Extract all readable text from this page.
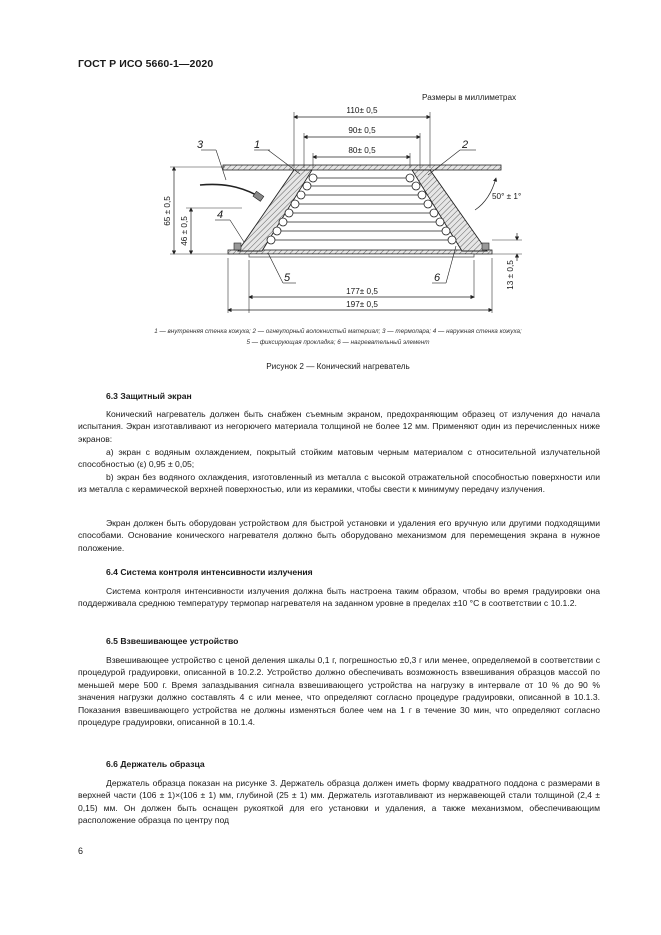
ГОСТ Р ИСО 5660-1—2020
Размеры в миллиметрах
110± 0,5
90± 0,5
80± 0,5
177± 0,5
197± 0,5
65 ± 0,5
46 ± 0,5
13 ± 0,5
50° ± 1°
1	2
3
4
5	6
1 — внутренняя стенка кожуха; 2 — огнеупорный волокнистый материал; 3 — термопара; 4 — наружная стенка кожуха;
5 — фиксирующая прокладка; 6 — нагревательный элемент
Рисунок 2 — Конический нагреватель
6.3 Защитный экран

Конический нагреватель должен быть снабжен съемным экраном, предохраняющим образец от излучения до начала испытания. Экран изготавливают из негорючего материала толщиной не более 12 мм. Применяют один из перечисленных ниже экранов:

а) экран с водяным охлаждением, покрытый стойким матовым черным материалом с относительной излучательной способностью (ε) 0,95 ± 0,05;

b) экран без водяного охлаждения, изготовленный из металла с высокой отражательной способностью поверхности или из металла с керамической верхней поверхностью, или из керамики, чтобы свести к минимуму передачу излучения.

Экран должен быть оборудован устройством для быстрой установки и удаления его вручную или другими подходящими способами. Основание конического нагревателя должно быть оборудовано механизмом для перемещения экрана в нужное положение.

6.4 Система контроля интенсивности излучения

Система контроля интенсивности излучения должна быть настроена таким образом, чтобы во время градуировки она поддерживала среднюю температуру термопар нагревателя на заданном уровне в пределах ±10 °С в соответствии с 10.1.2.

6.5 Взвешивающее устройство

Взвешивающее устройство с ценой деления шкалы 0,1 г, погрешностью ±0,3 г или менее, определяемой в соответствии с процедурой градуировки, описанной в 10.2.2. Устройство должно обеспечивать возможность взвешивания образцов массой по меньшей мере 500 г. Время запаздывания сигнала взвешивающего устройства на нагрузку в интервале от 10 % до 90 % значения нагрузки должно составлять 4 с или менее, что определяют согласно процедуре градуировки, описанной в 10.1.3. Показания взвешивающего устройства не должны изменяться более чем на 1 г в течение 30 мин, что определяют согласно процедуре градуировки, описанной в 10.1.4.

6.6 Держатель образца

Держатель образца показан на рисунке 3. Держатель образца должен иметь форму квадратного поддона с размерами в верхней части (106 ± 1)×(106 ± 1) мм, глубиной (25 ± 1) мм. Держатель изготавливают из нержавеющей стали толщиной (2,4 ± 0,15) мм. Он должен быть оснащен рукояткой для его установки и удаления, а также механизмом, обеспечивающим расположение образца по центру под

6
